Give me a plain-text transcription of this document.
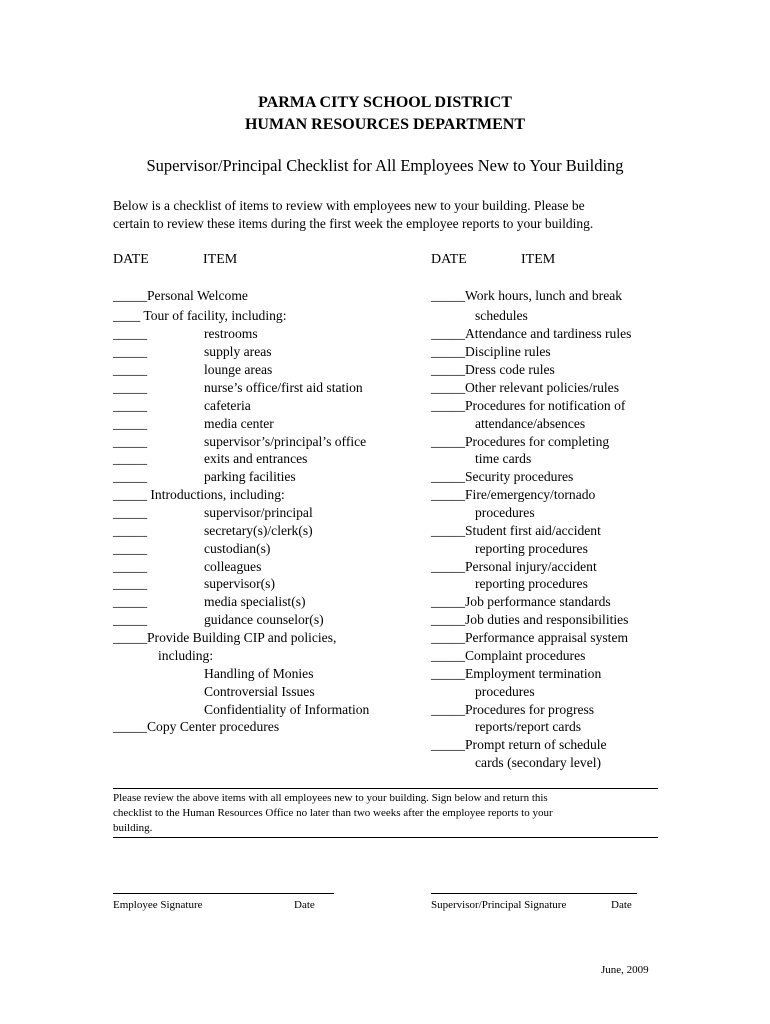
PARMA CITY SCHOOL DISTRICT
HUMAN RESOURCES DEPARTMENT
Supervisor/Principal Checklist for All Employees New to Your Building
Below is a checklist of items to review with employees new to your building. Please be
certain to review these items during the first week the employee reports to your building.
DATE	ITEM	DATE	ITEM
_____Personal Welcome
____ Tour of facility, including:
_____	restrooms
_____	supply areas
_____	lounge areas
_____	nurse’s office/first aid station
_____	cafeteria
_____	media center
_____	supervisor’s/principal’s office
_____	exits and entrances
_____	parking facilities
_____ Introductions, including:
_____	supervisor/principal
_____	secretary(s)/clerk(s)
_____	custodian(s)
_____	colleagues
_____	supervisor(s)
_____	media specialist(s)
_____	guidance counselor(s)
_____Provide Building CIP and policies,
including:
Handling of Monies
Controversial Issues
Confidentiality of Information
_____Copy Center procedures
_____Work hours, lunch and break
schedules
_____Attendance and tardiness rules
_____Discipline rules
_____Dress code rules
_____Other relevant policies/rules
_____Procedures for notification of
attendance/absences
_____Procedures for completing
time cards
_____Security procedures
_____Fire/emergency/tornado
procedures
_____Student first aid/accident
reporting procedures
_____Personal injury/accident
reporting procedures
_____Job performance standards
_____Job duties and responsibilities
_____Performance appraisal system
_____Complaint procedures
_____Employment termination
procedures
_____Procedures for progress
reports/report cards
_____Prompt return of schedule
cards (secondary level)
Please review the above items with all employees new to your building. Sign below and return this
checklist to the Human Resources Office no later than two weeks after the employee reports to your
building.
Employee Signature	Date	Supervisor/Principal Signature	Date
June, 2009
